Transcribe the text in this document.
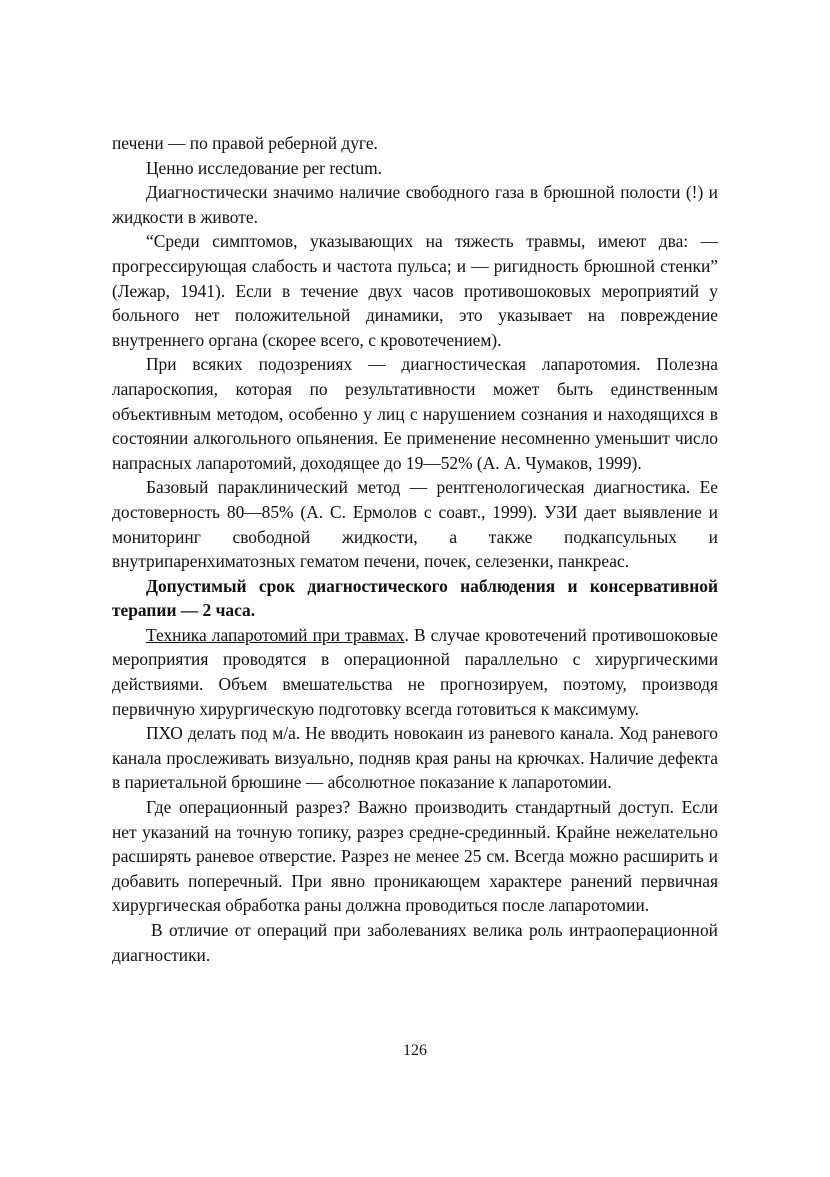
печени — по правой реберной дуге.

Ценно исследование per rectum.

Диагностически значимо наличие свободного газа в брюшной полости (!) и жидкости в животе.

“Среди симптомов, указывающих на тяжесть травмы, имеют два: — прогрессирующая слабость и частота пульса; и — ригидность брюшной стенки” (Лежар, 1941). Если в течение двух часов противошоковых мероприятий у больного нет положительной динамики, это указывает на повреждение внутреннего органа (скорее всего, с кровотечением).

При всяких подозрениях — диагностическая лапаротомия. Полезна лапароскопия, которая по результативности может быть единственным объективным методом, особенно у лиц с нарушением сознания и находящихся в состоянии алкогольного опьянения. Ее применение несомненно уменьшит число напрасных лапаротомий, доходящее до 19—52% (А. А. Чумаков, 1999).

Базовый параклинический метод — рентгенологическая диагностика. Ее достоверность 80—85% (А. С. Ермолов с соавт., 1999). УЗИ дает выявление и мониторинг свободной жидкости, а также подкапсульных и внутрипаренхиматозных гематом печени, почек, селезенки, панкреас.

Допустимый срок диагностического наблюдения и консервативной терапии — 2 часа.

Техника лапаротомий при травмах. В случае кровотечений противошоковые мероприятия проводятся в операционной параллельно с хирургическими действиями. Объем вмешательства не прогнозируем, поэтому, производя первичную хирургическую подготовку всегда готовиться к максимуму.

ПХО делать под м/а. Не вводить новокаин из раневого канала. Ход раневого канала прослеживать визуально, подняв края раны на крючках. Наличие дефекта в париетальной брюшине — абсолютное показание к лапаротомии.

Где операционный разрез? Важно производить стандартный доступ. Если нет указаний на точную топику, разрез средне-срединный. Крайне нежелательно расширять раневое отверстие. Разрез не менее 25 см. Всегда можно расширить и добавить поперечный. При явно проникающем характере ранений первичная хирургическая обработка раны должна проводиться после лапаротомии.

В отличие от операций при заболеваниях велика роль интраоперационной диагностики.

126
